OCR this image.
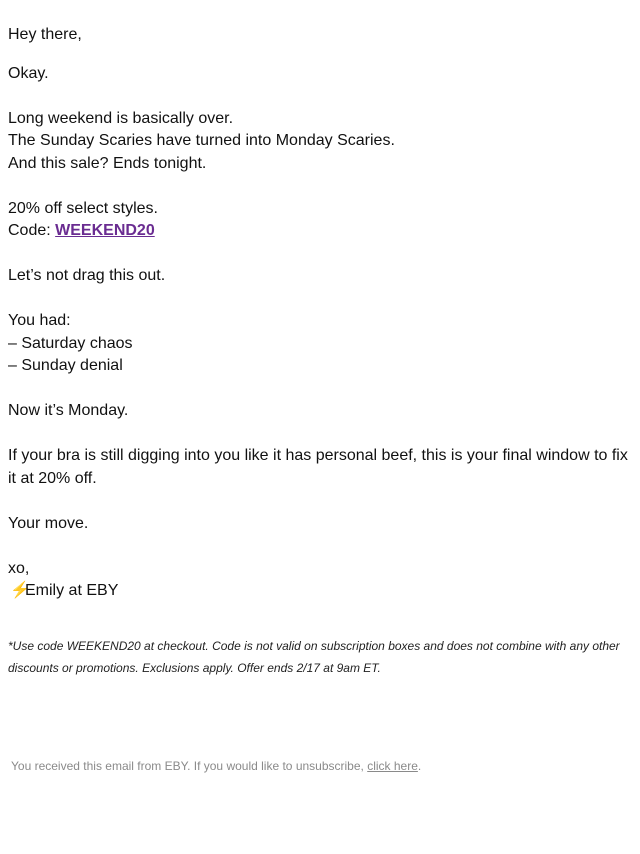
Hey there,

Okay.

Long weekend is basically over.

The Sunday Scaries have turned into Monday Scaries.

And this sale? Ends tonight.

20% off select styles.

Code: WEEKEND20

Let’s not drag this out.

You had:

– Saturday chaos

– Sunday denial

Now it’s Monday.

If your bra is still digging into you like it has personal beef, this is your final window to fix it at 20% off.

Your move.

xo,

⚡Emily at EBY

*Use code WEEKEND20 at checkout. Code is not valid on subscription boxes and does not combine with any other discounts or promotions. Exclusions apply. Offer ends 2/17 at 9am ET.

You received this email from EBY. If you would like to unsubscribe, click here.
